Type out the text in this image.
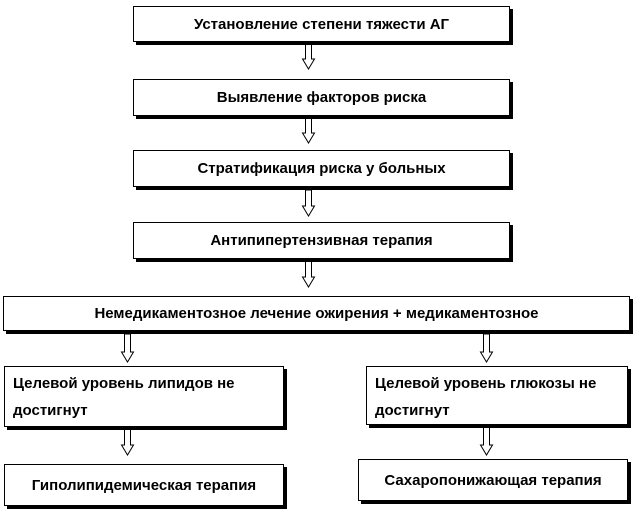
Установление степени тяжести АГ
Выявление факторов риска
Стратификация риска у больных
Антипипертензивная терапия
Немедикаментозное лечение ожирения + медикаментозное
Целевой уровень липидов не достигнут
Целевой уровень глюкозы не достигнут
Гиполипидемическая терапия	Сахаропонижающая терапия
